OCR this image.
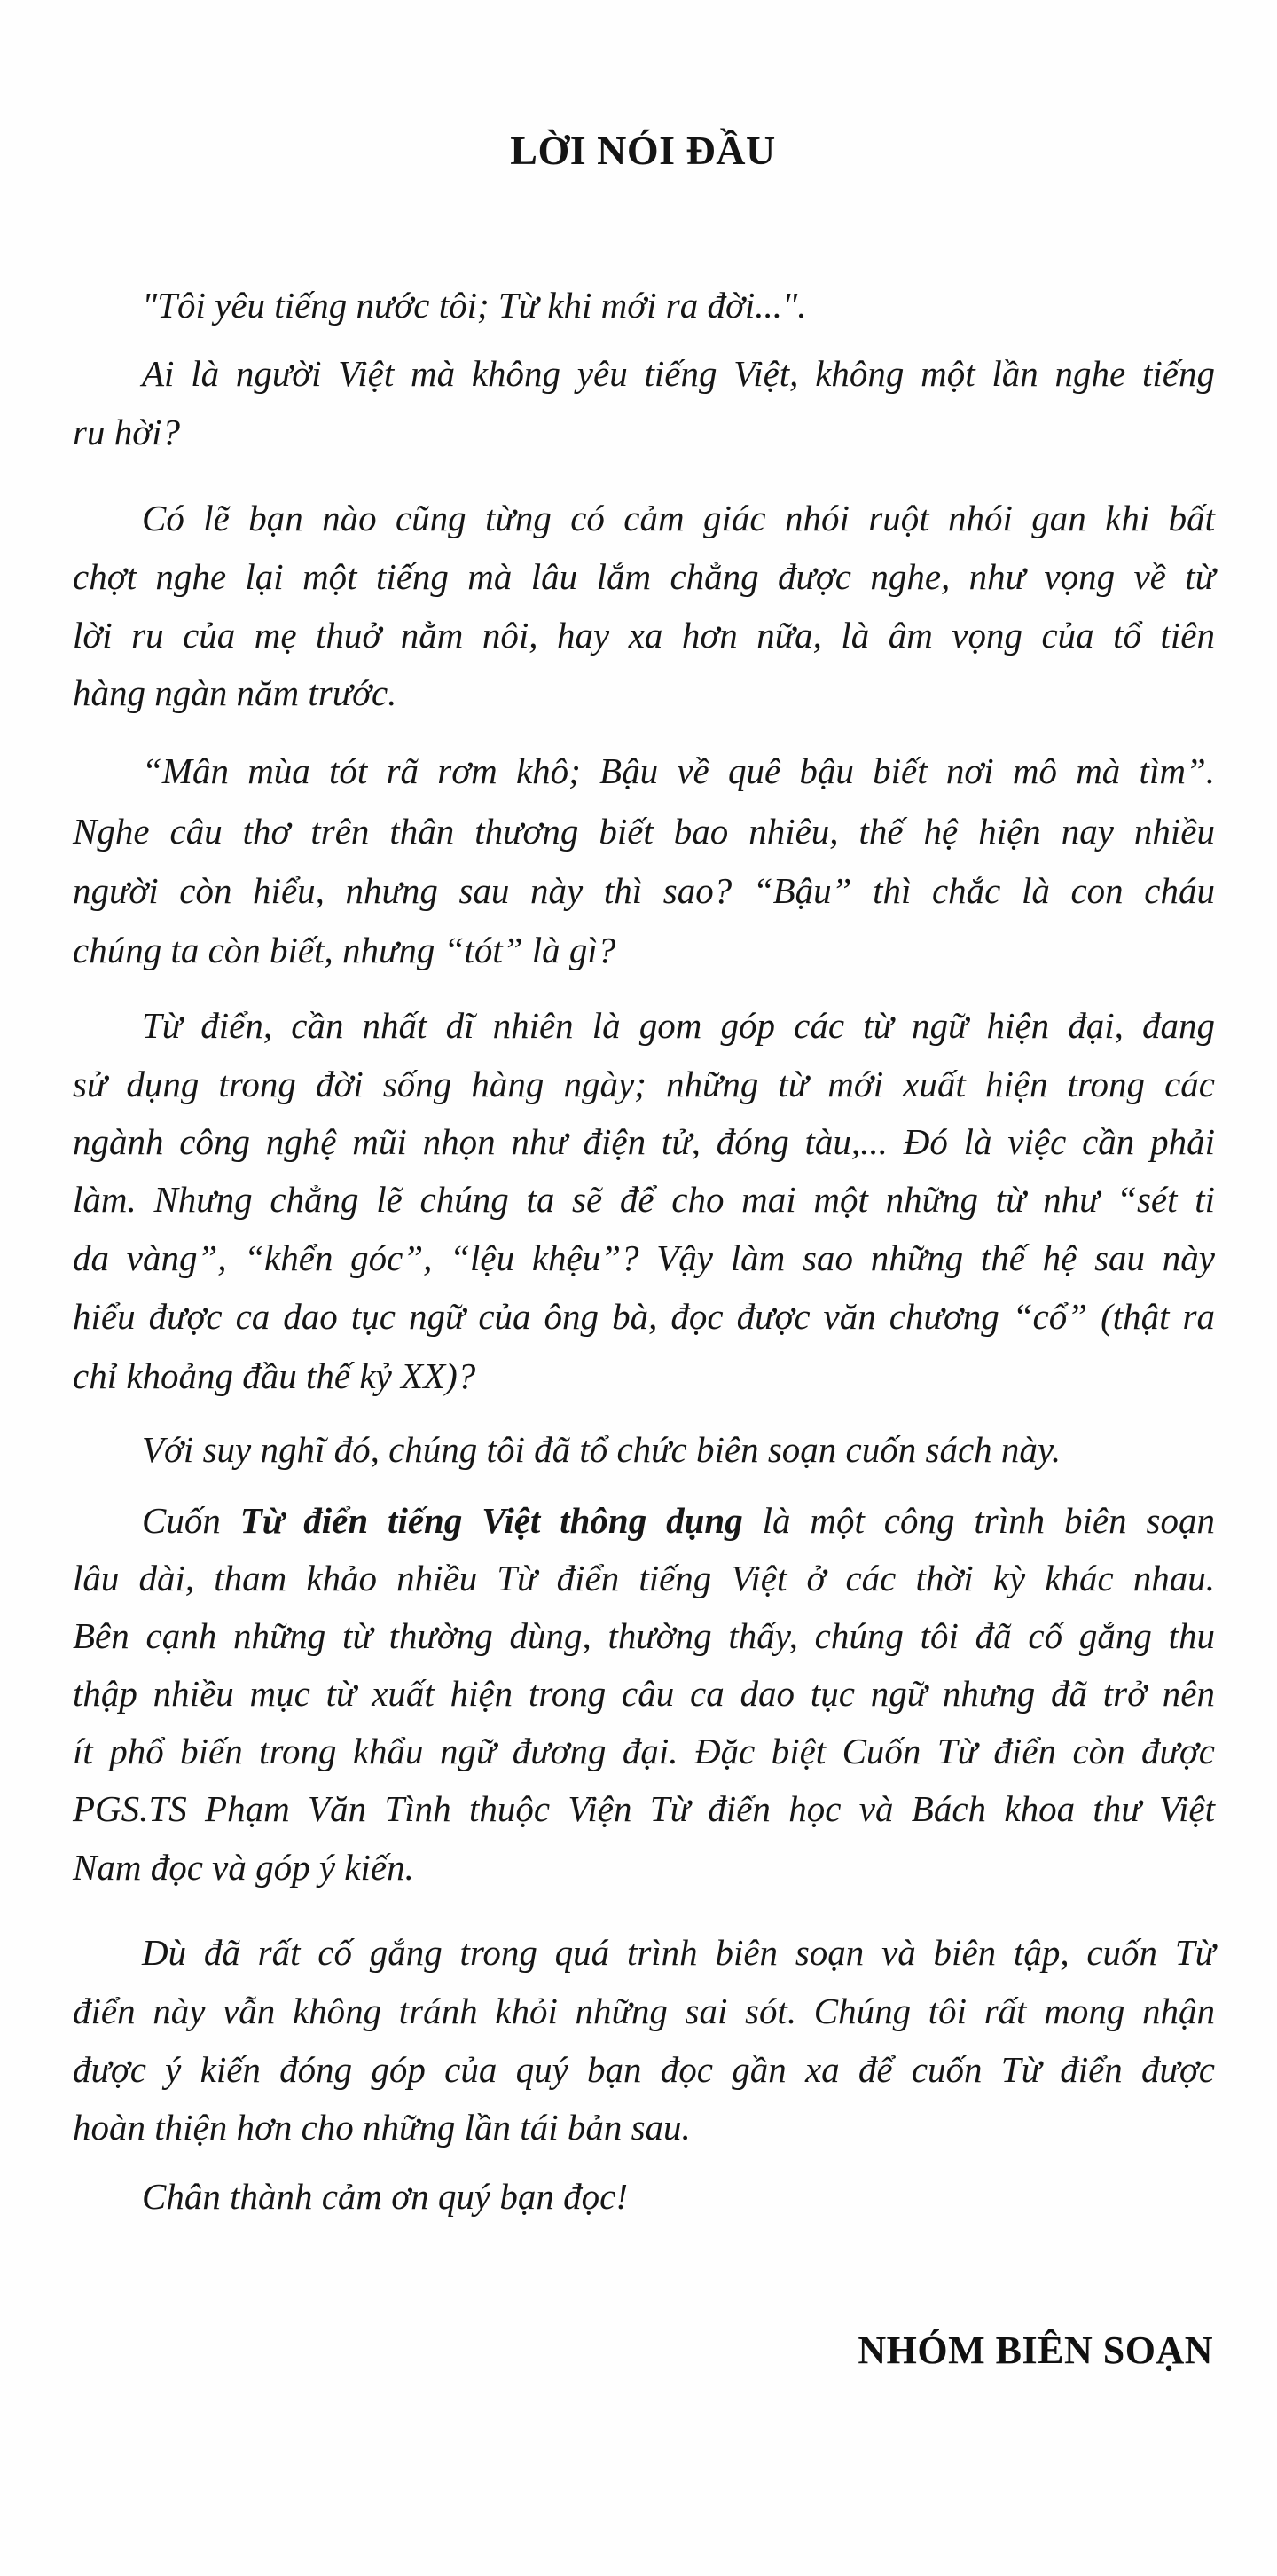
LỜI NÓI ĐẦU
"Tôi yêu tiếng nước tôi; Từ khi mới ra đời...".
Ai là người Việt mà không yêu tiếng Việt, không một lần nghe tiếng
ru hời?
Có lẽ bạn nào cũng từng có cảm giác nhói ruột nhói gan khi bất
chợt nghe lại một tiếng mà lâu lắm chẳng được nghe, như vọng về từ
lời ru của mẹ thuở nằm nôi, hay xa hơn nữa, là âm vọng của tổ tiên
hàng ngàn năm trước.
“Mân mùa tót rã rơm khô; Bậu về quê bậu biết nơi mô mà tìm”.
Nghe câu thơ trên thân thương biết bao nhiêu, thế hệ hiện nay nhiều
người còn hiểu, nhưng sau này thì sao? “Bậu” thì chắc là con cháu
chúng ta còn biết, nhưng “tót” là gì?
Từ điển, cần nhất dĩ nhiên là gom góp các từ ngữ hiện đại, đang
sử dụng trong đời sống hàng ngày; những từ mới xuất hiện trong các
ngành công nghệ mũi nhọn như điện tử, đóng tàu,... Đó là việc cần phải
làm. Nhưng chẳng lẽ chúng ta sẽ để cho mai một những từ như “sét ti
da vàng”, “khển góc”, “lệu khệu”? Vậy làm sao những thế hệ sau này
hiểu được ca dao tục ngữ của ông bà, đọc được văn chương “cổ” (thật ra
chỉ khoảng đầu thế kỷ XX)?
Với suy nghĩ đó, chúng tôi đã tổ chức biên soạn cuốn sách này.
Cuốn Từ điển tiếng Việt thông dụng là một công trình biên soạn
lâu dài, tham khảo nhiều Từ điển tiếng Việt ở các thời kỳ khác nhau.
Bên cạnh những từ thường dùng, thường thấy, chúng tôi đã cố gắng thu
thập nhiều mục từ xuất hiện trong câu ca dao tục ngữ nhưng đã trở nên
ít phổ biến trong khẩu ngữ đương đại. Đặc biệt Cuốn Từ điển còn được
PGS.TS Phạm Văn Tình thuộc Viện Từ điển học và Bách khoa thư Việt
Nam đọc và góp ý kiến.
Dù đã rất cố gắng trong quá trình biên soạn và biên tập, cuốn Từ
điển này vẫn không tránh khỏi những sai sót. Chúng tôi rất mong nhận
được ý kiến đóng góp của quý bạn đọc gần xa để cuốn Từ điển được
hoàn thiện hơn cho những lần tái bản sau.
Chân thành cảm ơn quý bạn đọc!
NHÓM BIÊN SOẠN
